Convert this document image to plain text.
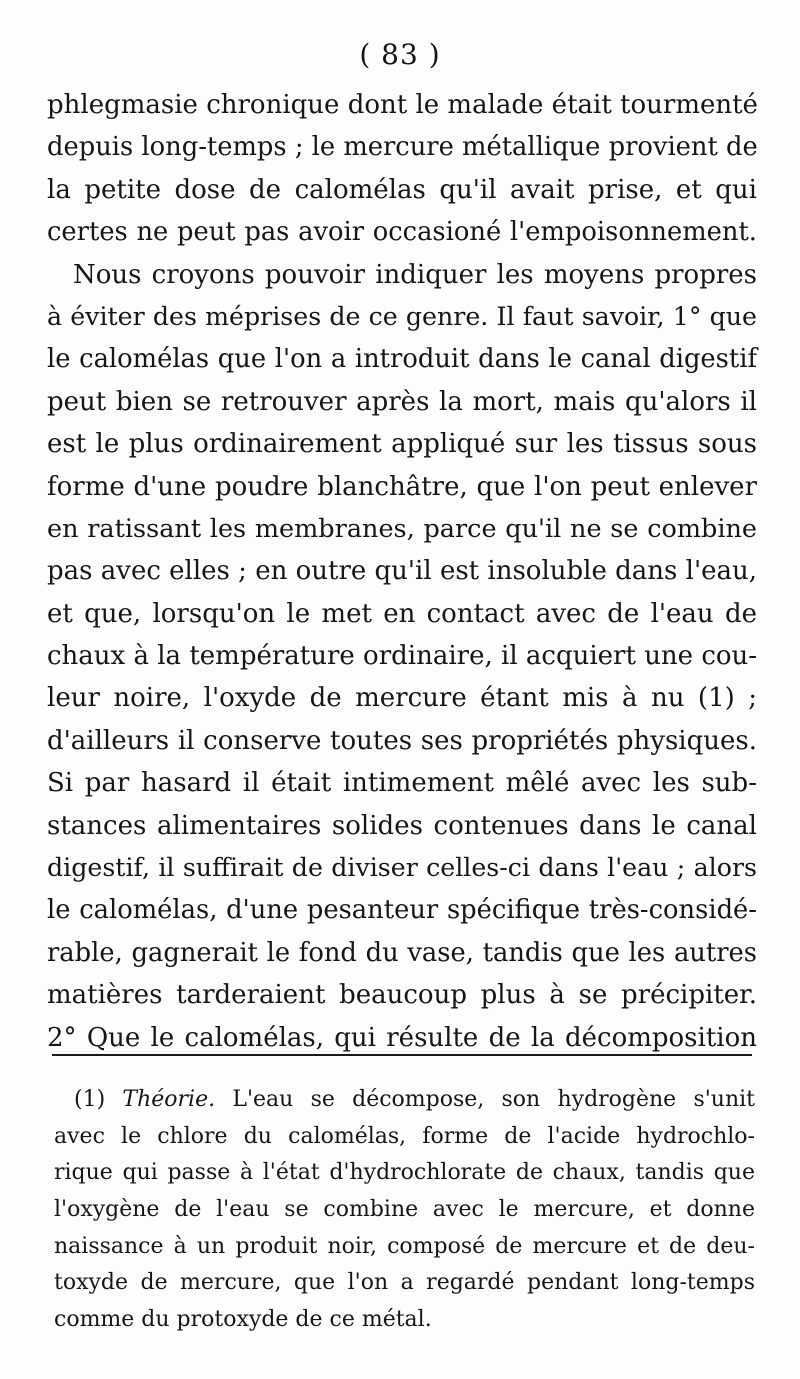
( 83 )
phlegmasie chronique dont le malade était tourmenté
depuis long-temps ; le mercure métallique provient de
la petite dose de calomélas qu'il avait prise, et qui
certes ne peut pas avoir occasioné l'empoisonnement.
Nous croyons pouvoir indiquer les moyens propres
à éviter des méprises de ce genre. Il faut savoir, 1° que
le calomélas que l'on a introduit dans le canal digestif
peut bien se retrouver après la mort, mais qu'alors il
est le plus ordinairement appliqué sur les tissus sous
forme d'une poudre blanchâtre, que l'on peut enlever
en ratissant les membranes, parce qu'il ne se combine
pas avec elles ; en outre qu'il est insoluble dans l'eau,
et que, lorsqu'on le met en contact avec de l'eau de
chaux à la température ordinaire, il acquiert une cou-
leur noire, l'oxyde de mercure étant mis à nu (1) ;
d'ailleurs il conserve toutes ses propriétés physiques.
Si par hasard il était intimement mêlé avec les sub-
stances alimentaires solides contenues dans le canal
digestif, il suffirait de diviser celles-ci dans l'eau ; alors
le calomélas, d'une pesanteur spécifique très-considé-
rable, gagnerait le fond du vase, tandis que les autres
matières tarderaient beaucoup plus à se précipiter.
2° Que le calomélas, qui résulte de la décomposition
(1) Théorie. L'eau se décompose, son hydrogène s'unit
avec le chlore du calomélas, forme de l'acide hydrochlo-
rique qui passe à l'état d'hydrochlorate de chaux, tandis que
l'oxygène de l'eau se combine avec le mercure, et donne
naissance à un produit noir, composé de mercure et de deu-
toxyde de mercure, que l'on a regardé pendant long-temps
comme du protoxyde de ce métal.
